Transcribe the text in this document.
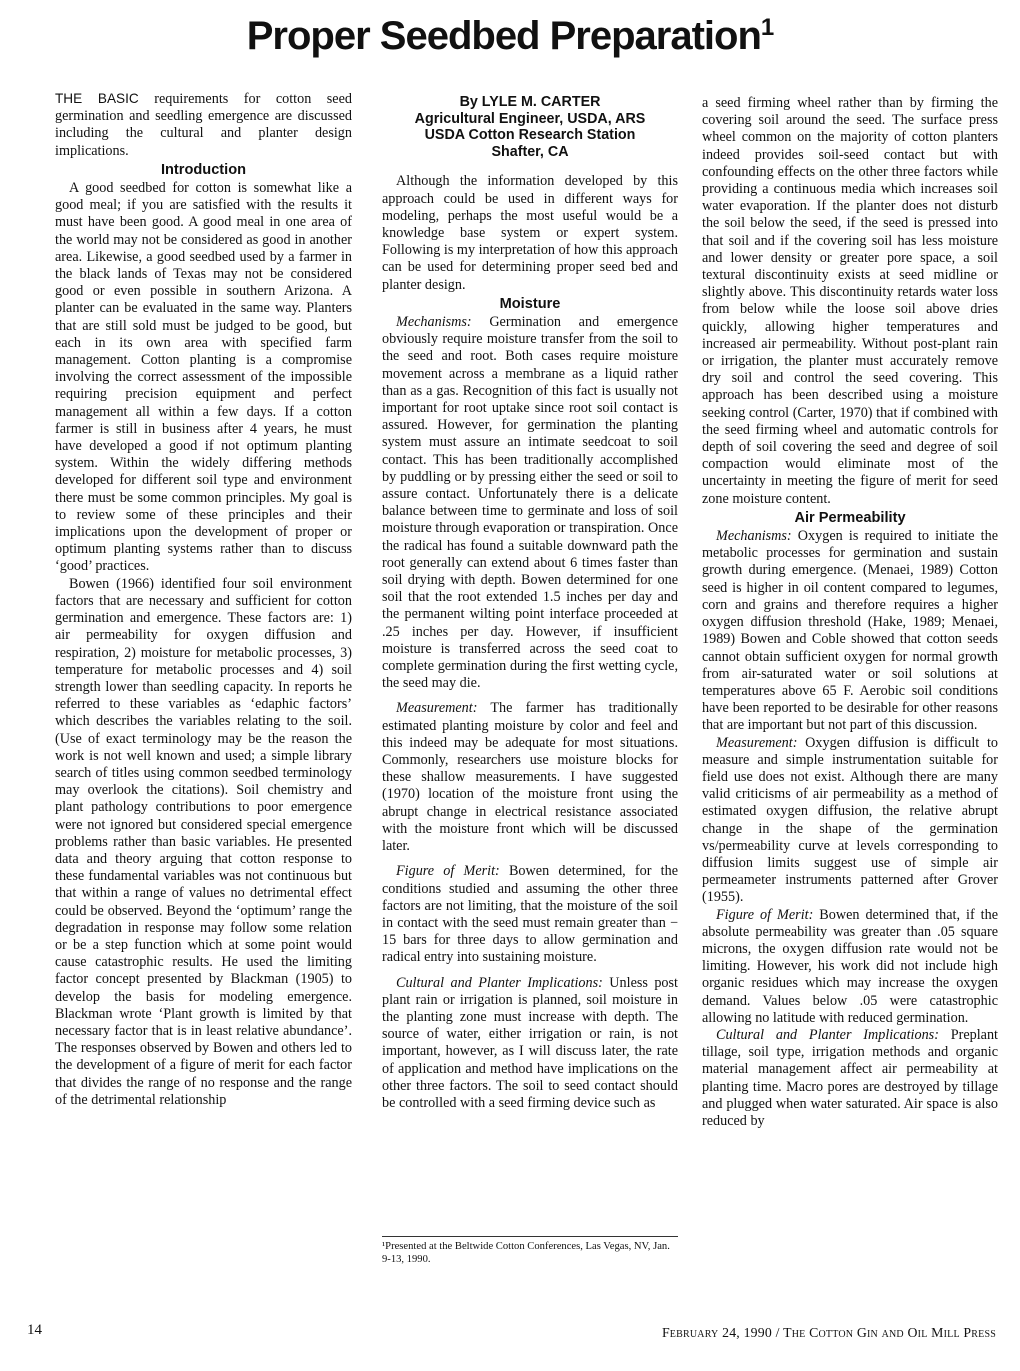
Proper Seedbed Preparation$^1$

THE BASIC requirements for cotton seed germination and seedling emergence are discussed including the cultural and planter design implications.

Introduction

A good seedbed for cotton is somewhat like a good meal; if you are satisfied with the results it must have been good. A good meal in one area of the world may not be considered as good in another area. Likewise, a good seedbed used by a farmer in the black lands of Texas may not be considered good or even possible in southern Arizona. A planter can be evaluated in the same way. Planters that are still sold must be judged to be good, but each in its own area with specified farm management. Cotton planting is a compromise involving the correct assessment of the impossible requiring precision equipment and perfect management all within a few days. If a cotton farmer is still in business after 4 years, he must have developed a good if not optimum planting system. Within the widely differing methods developed for different soil type and environment there must be some common principles. My goal is to review some of these principles and their implications upon the development of proper or optimum planting systems rather than to discuss ‘good’ practices.

Bowen (1966) identified four soil environment factors that are necessary and sufficient for cotton germination and emergence. These factors are: 1) air permeability for oxygen diffusion and respiration, 2) moisture for metabolic processes, 3) temperature for metabolic processes and 4) soil strength lower than seedling capacity. In reports he referred to these variables as ‘edaphic factors’ which describes the variables relating to the soil. (Use of exact terminology may be the reason the work is not well known and used; a simple library search of titles using common seedbed terminology may overlook the citations). Soil chemistry and plant pathology contributions to poor emergence were not ignored but considered special emergence problems rather than basic variables. He presented data and theory arguing that cotton response to these fundamental variables was not continuous but that within a range of values no detrimental effect could be observed. Beyond the ‘optimum’ range the degradation in response may follow some relation or be a step function which at some point would cause catastrophic results. He used the limiting factor concept presented by Blackman (1905) to develop the basis for modeling emergence. Blackman wrote ‘Plant growth is limited by that necessary factor that is in least relative abundance’. The responses observed by Bowen and others led to the development of a figure of merit for each factor that divides the range of no response and the range of the detrimental relationship

By LYLE M. CARTER
Agricultural Engineer, USDA, ARS
USDA Cotton Research Station
Shafter, CA

Although the information developed by this approach could be used in different ways for modeling, perhaps the most useful would be a knowledge base system or expert system. Following is my interpretation of how this approach can be used for determining proper seed bed and planter design.

Moisture

Mechanisms: Germination and emergence obviously require moisture transfer from the soil to the seed and root. Both cases require moisture movement across a membrane as a liquid rather than as a gas. Recognition of this fact is usually not important for root uptake since root soil contact is assured. However, for germination the planting system must assure an intimate seedcoat to soil contact. This has been traditionally accomplished by puddling or by pressing either the seed or soil to assure contact. Unfortunately there is a delicate balance between time to germinate and loss of soil moisture through evaporation or transpiration. Once the radical has found a suitable downward path the root generally can extend about 6 times faster than soil drying with depth. Bowen determined for one soil that the root extended 1.5 inches per day and the permanent wilting point interface proceeded at .25 inches per day. However, if insufficient moisture is transferred across the seed coat to complete germination during the first wetting cycle, the seed may die.

Measurement: The farmer has traditionally estimated planting moisture by color and feel and this indeed may be adequate for most situations. Commonly, researchers use moisture blocks for these shallow measurements. I have suggested (1970) location of the moisture front using the abrupt change in electrical resistance associated with the moisture front which will be discussed later.

Figure of Merit: Bowen determined, for the conditions studied and assuming the other three factors are not limiting, that the moisture of the soil in contact with the seed must remain greater than − 15 bars for three days to allow germination and radical entry into sustaining moisture.

Cultural and Planter Implications: Unless post plant rain or irrigation is planned, soil moisture in the planting zone must increase with depth. The source of water, either irrigation or rain, is not important, however, as I will discuss later, the rate of application and method have implications on the other three factors. The soil to seed contact should be controlled with a seed firming device such as

¹Presented at the Beltwide Cotton Conferences, Las Vegas, NV, Jan. 9-13, 1990.

a seed firming wheel rather than by firming the covering soil around the seed. The surface press wheel common on the majority of cotton planters indeed provides soil-seed contact but with confounding effects on the other three factors while providing a continuous media which increases soil water evaporation. If the planter does not disturb the soil below the seed, if the seed is pressed into that soil and if the covering soil has less moisture and lower density or greater pore space, a soil textural discontinuity exists at seed midline or slightly above. This discontinuity retards water loss from below while the loose soil above dries quickly, allowing higher temperatures and increased air permeability. Without post-plant rain or irrigation, the planter must accurately remove dry soil and control the seed covering. This approach has been described using a moisture seeking control (Carter, 1970) that if combined with the seed firming wheel and automatic controls for depth of soil covering the seed and degree of soil compaction would eliminate most of the uncertainty in meeting the figure of merit for seed zone moisture content.

Air Permeability

Mechanisms: Oxygen is required to initiate the metabolic processes for germination and sustain growth during emergence. (Menaei, 1989) Cotton seed is higher in oil content compared to legumes, corn and grains and therefore requires a higher oxygen diffusion threshold (Hake, 1989; Menaei, 1989) Bowen and Coble showed that cotton seeds cannot obtain sufficient oxygen for normal growth from air-saturated water or soil solutions at temperatures above 65 F. Aerobic soil conditions have been reported to be desirable for other reasons that are important but not part of this discussion.

Measurement: Oxygen diffusion is difficult to measure and simple instrumentation suitable for field use does not exist. Although there are many valid criticisms of air permeability as a method of estimated oxygen diffusion, the relative abrupt change in the shape of the germination vs/permeability curve at levels corresponding to diffusion limits suggest use of simple air permeameter instruments patterned after Grover (1955).

Figure of Merit: Bowen determined that, if the absolute permeability was greater than .05 square microns, the oxygen diffusion rate would not be limiting. However, his work did not include high organic residues which may increase the oxygen demand. Values below .05 were catastrophic allowing no latitude with reduced germination.

Cultural and Planter Implications: Preplant tillage, soil type, irrigation methods and organic material management affect air permeability at planting time. Macro pores are destroyed by tillage and plugged when water saturated. Air space is also reduced by

14	February 24, 1990 / The Cotton Gin and Oil Mill Press
